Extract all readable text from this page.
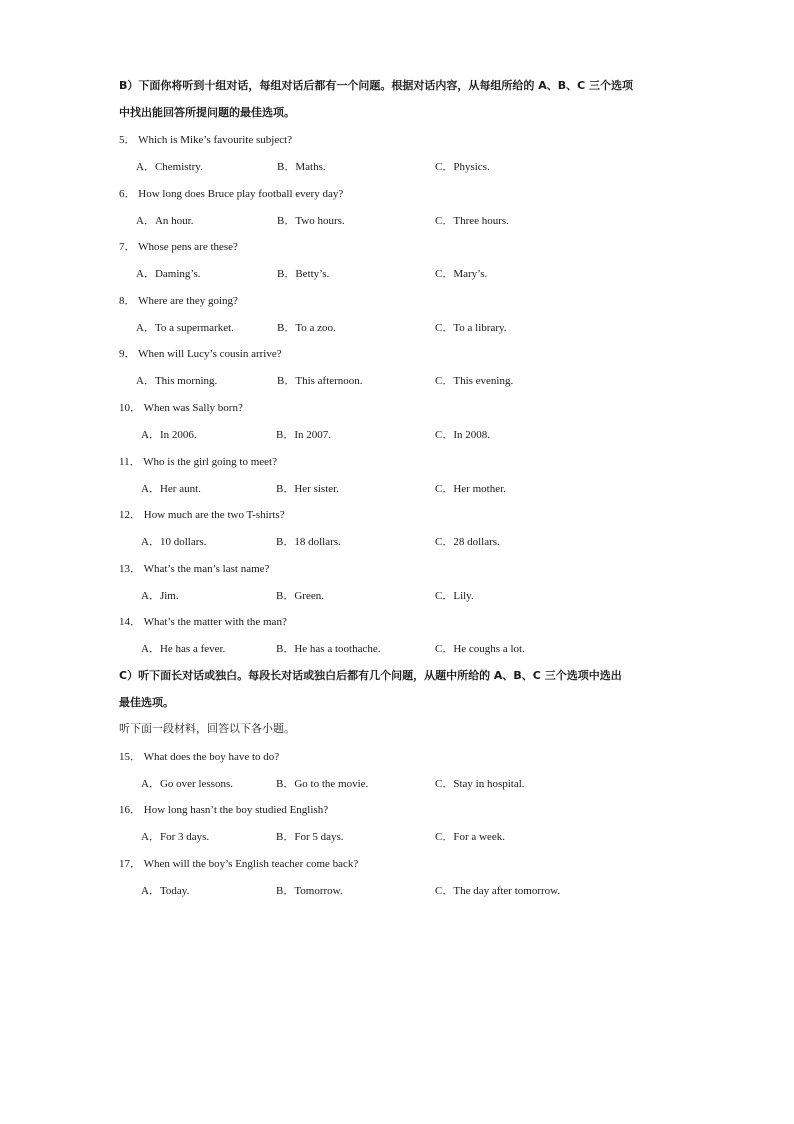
B）下面你将听到十组对话，每组对话后都有一个问题。根据对话内容，从每组所给的 A、B、C 三个选项
中找出能回答所提问题的最佳选项。
5． Which is Mike’s favourite subject?
A．Chemistry.	B．Maths.	C．Physics.
6． How long does Bruce play football every day?
A．An hour.	B．Two hours.	C．Three hours.
7． Whose pens are these?
A．Daming’s.	B．Betty’s.	C．Mary’s.
8． Where are they going?
A．To a supermarket.	B．To a zoo.	C．To a library.
9． When will Lucy’s cousin arrive?
A．This morning.	B．This afternoon.	C．This evening.
10． When was Sally born?
A．In 2006.	B．In 2007.	C．In 2008.
11． Who is the girl going to meet?
A．Her aunt.	B．Her sister.	C．Her mother.
12． How much are the two T-shirts?
A．10 dollars.	B．18 dollars.	C．28 dollars.
13． What’s the man’s last name?
A．Jim.	B．Green.	C．Lily.
14． What’s the matter with the man?
A．He has a fever.	B．He has a toothache.	C．He coughs a lot.
C）听下面长对话或独白。每段长对话或独白后都有几个问题，从题中所给的 A、B、C 三个选项中选出
最佳选项。
听下面一段材料，回答以下各小题。
15． What does the boy have to do?
A．Go over lessons.	B．Go to the movie.	C．Stay in hospital.
16． How long hasn’t the boy studied English?
A．For 3 days.	B．For 5 days.	C．For a week.
17． When will the boy’s English teacher come back?
A．Today.	B．Tomorrow.	C．The day after tomorrow.
